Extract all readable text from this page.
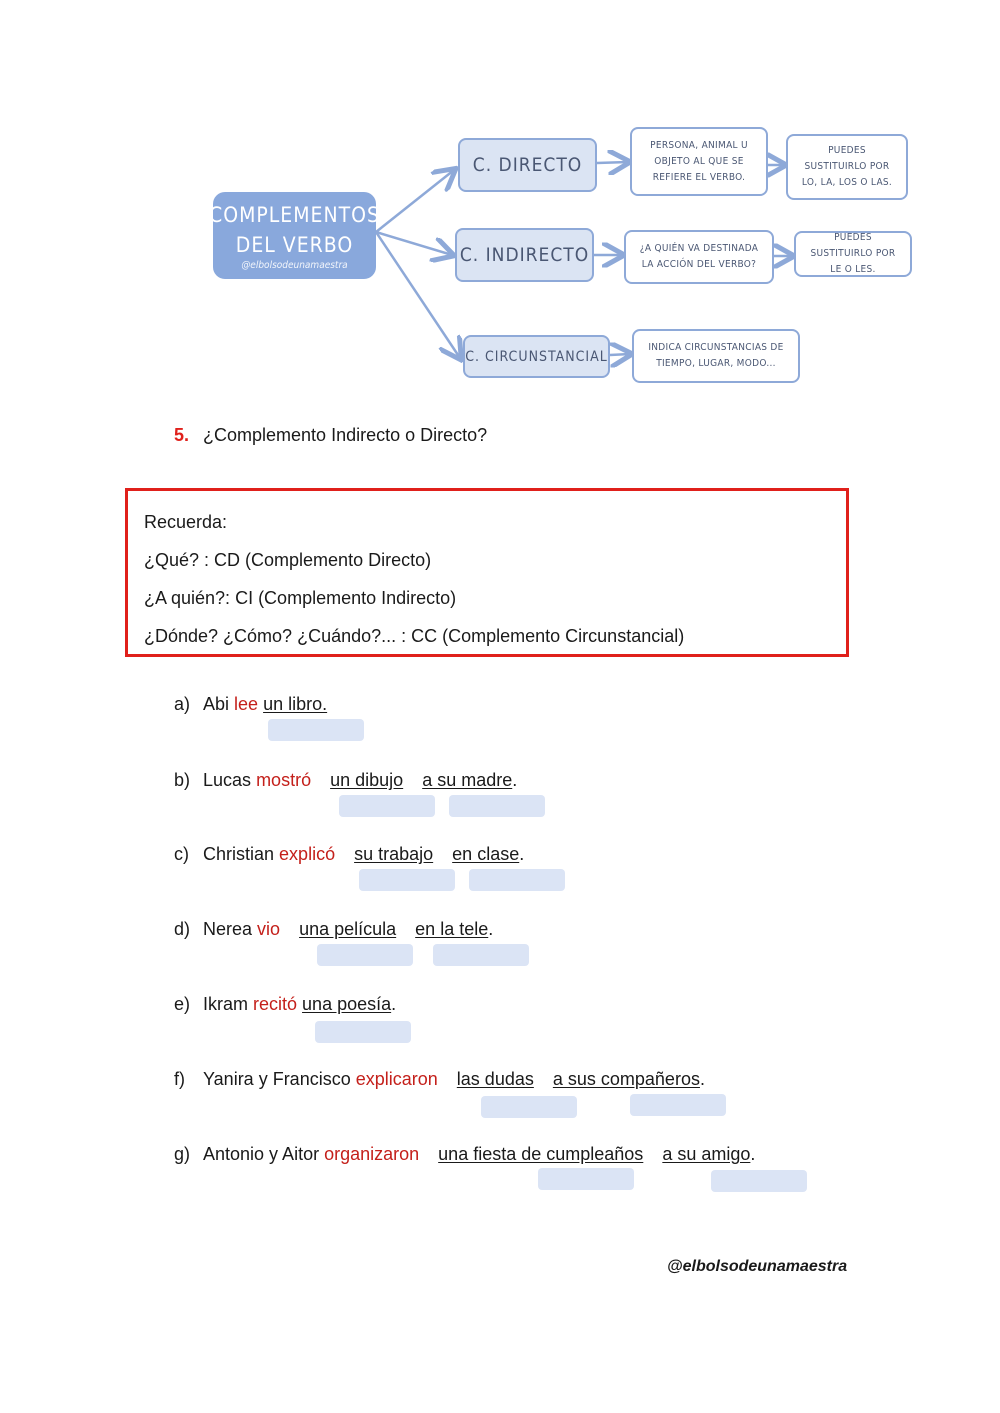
COMPLEMENTOS
DEL VERBO
@elbolsodeunamaestra
C. DIRECTO
PERSONA, ANIMAL U OBJETO AL QUE SE REFIERE EL VERBO.
PUEDES SUSTITUIRLO POR LO, LA, LOS O LAS.
C. INDIRECTO	¿A QUIÉN VA DESTINADA LA ACCIÓN DEL VERBO?
PUEDES SUSTITUIRLO POR LE O LES.
C. CIRCUNSTANCIAL
INDICA CIRCUNSTANCIAS DE TIEMPO, LUGAR, MODO...
5. ¿Complemento Indirecto o Directo?

Recuerda:

¿Qué? : CD (Complemento Directo)

¿A quién?: CI (Complemento Indirecto)

¿Dónde? ¿Cómo? ¿Cuándo?... : CC (Complemento Circunstancial)

a) Abi lee un libro.
b) Lucas mostró un dibujo a su madre.
c) Christian explicó su trabajo en clase.
d) Nerea vio una película en la tele.
e) Ikram recitó una poesía.
f) Yanira y Francisco explicaron las dudas a sus compañeros.
g) Antonio y Aitor organizaron una fiesta de cumpleaños a su amigo.
@elbolsodeunamaestra
